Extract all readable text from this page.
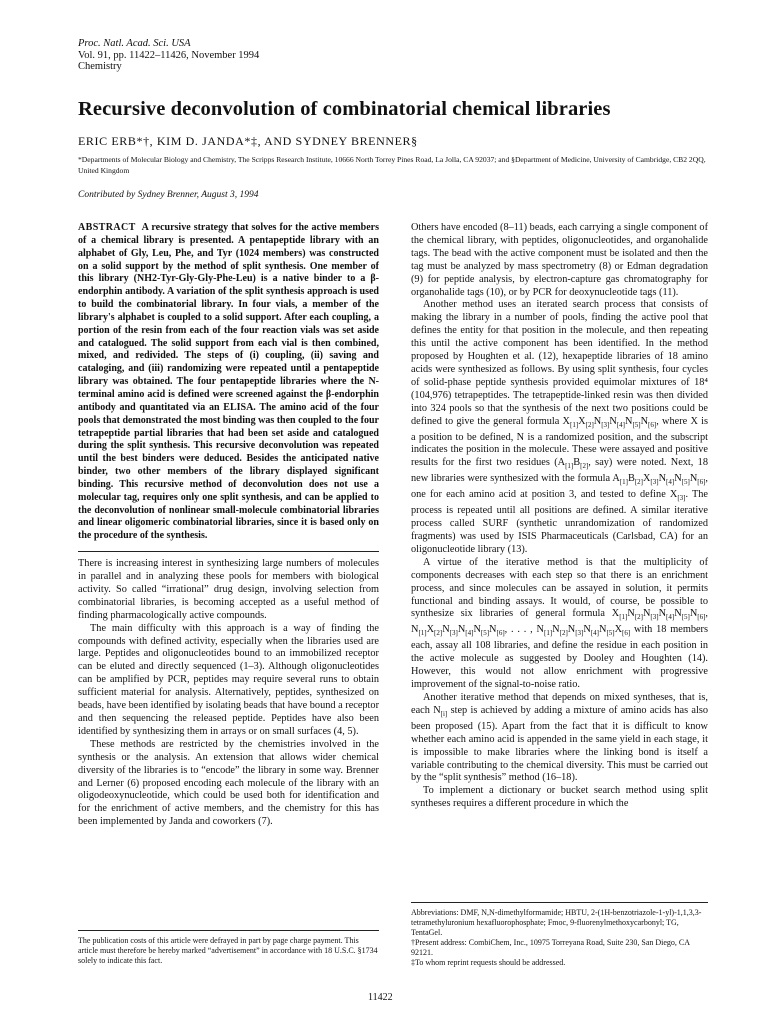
Proc. Natl. Acad. Sci. USA
Vol. 91, pp. 11422–11426, November 1994
Chemistry
Recursive deconvolution of combinatorial chemical libraries
ERIC ERB*†, KIM D. JANDA*‡, AND SYDNEY BRENNER§
*Departments of Molecular Biology and Chemistry, The Scripps Research Institute, 10666 North Torrey Pines Road, La Jolla, CA 92037; and §Department of Medicine, University of Cambridge, CB2 2QQ, United Kingdom
Contributed by Sydney Brenner, August 3, 1994
ABSTRACT A recursive strategy that solves for the active members of a chemical library is presented. A pentapeptide library with an alphabet of Gly, Leu, Phe, and Tyr (1024 members) was constructed on a solid support by the method of split synthesis. One member of this library (NH2-Tyr-Gly-Gly-Phe-Leu) is a native binder to a β-endorphin antibody. A variation of the split synthesis approach is used to build the combinatorial library. In four vials, a member of the library's alphabet is coupled to a solid support. After each coupling, a portion of the resin from each of the four reaction vials was set aside and catalogued. The solid support from each vial is then combined, mixed, and redivided. The steps of (i) coupling, (ii) saving and cataloging, and (iii) randomizing were repeated until a pentapeptide library was obtained. The four pentapeptide libraries where the N-terminal amino acid is defined were screened against the β-endorphin antibody and quantitated via an ELISA. The amino acid of the four pools that demonstrated the most binding was then coupled to the four tetrapeptide partial libraries that had been set aside and catalogued during the split synthesis. This recursive deconvolution was repeated until the best binders were deduced. Besides the anticipated native binder, two other members of the library displayed significant binding. This recursive method of deconvolution does not use a molecular tag, requires only one split synthesis, and can be applied to the deconvolution of nonlinear small-molecule combinatorial libraries and linear oligomeric combinatorial libraries, since it is based only on the procedure of the synthesis.

There is increasing interest in synthesizing large numbers of molecules in parallel and in analyzing these pools for members with biological activity. So called “irrational” drug design, involving selection from combinatorial libraries, is becoming accepted as a useful method of finding pharmacologically active compounds.

The main difficulty with this approach is a way of finding the compounds with defined activity, especially when the libraries used are large. Peptides and oligonucleotides bound to an immobilized receptor can be eluted and directly sequenced (1–3). Although oligonucleotides can be amplified by PCR, peptides may require several runs to obtain sufficient material for analysis. Alternatively, peptides, synthesized on beads, have been identified by isolating beads that have bound a receptor and then sequencing the released peptide. Peptides have also been identified by synthesizing them in arrays or on small surfaces (4, 5).

These methods are restricted by the chemistries involved in the synthesis or the analysis. An extension that allows wider chemical diversity of the libraries is to “encode” the library in some way. Brenner and Lerner (6) proposed encoding each molecule of the library with an oligodeoxynucleotide, which could be used both for identification and for the enrichment of active members, and the chemistry for this has been implemented by Janda and coworkers (7).

Others have encoded (8–11) beads, each carrying a single component of the chemical library, with peptides, oligonucleotides, and organohalide tags. The bead with the active component must be isolated and then the tag must be analyzed by mass spectrometry (8) or Edman degradation (9) for peptide analysis, by electron-capture gas chromatography for organohalide tags (10), or by PCR for deoxynucleotide tags (11).

Another method uses an iterated search process that consists of making the library in a number of pools, finding the active pool that defines the entity for that position in the molecule, and then repeating this until the active component has been identified. In the method proposed by Houghten et al. (12), hexapeptide libraries of 18 amino acids were synthesized as follows. By using split synthesis, four cycles of solid-phase peptide synthesis provided equimolar mixtures of 18⁴ (104,976) tetrapeptides. The tetrapeptide-linked resin was then divided into 324 pools so that the synthesis of the next two positions could be defined to give the general formula $X_{[1]}X_{[2]}N_{[3]}N_{[4]}N_{[5]}N_{[6]}$, where X is a position to be defined, N is a randomized position, and the subscript indicates the position in the molecule. These were assayed and positive results for the first two residues ($A_{[1]}B_{[2]}$, say) were noted. Next, 18 new libraries were synthesized with the formula $A_{[1]}B_{[2]}X_{[3]}N_{[4]}N_{[5]}N_{[6]}$, one for each amino acid at position 3, and tested to define $X_{[3]}$. The process is repeated until all positions are defined. A similar iterative process called SURF (synthetic unrandomization of randomized fragments) was used by ISIS Pharmaceuticals (Carlsbad, CA) for an oligonucleotide library (13).

A virtue of the iterative method is that the multiplicity of components decreases with each step so that there is an enrichment process, and since molecules can be assayed in solution, it permits functional and binding assays. It would, of course, be possible to synthesize six libraries of general formula $X_{[1]}N_{[2]}N_{[3]}N_{[4]}N_{[5]}N_{[6]}$, $N_{[1]}X_{[2]}N_{[3]}N_{[4]}N_{[5]}N_{[6]}$, . . . , $N_{[1]}N_{[2]}N_{[3]}N_{[4]}N_{[5]}X_{[6]}$ with 18 members each, assay all 108 libraries, and define the residue in each position in the active molecule as suggested by Dooley and Houghten (14). However, this would not allow enrichment with progressive improvement of the signal-to-noise ratio.

Another iterative method that depends on mixed syntheses, that is, each $N_{[i]}$ step is achieved by adding a mixture of amino acids has also been proposed (15). Apart from the fact that it is difficult to know whether each amino acid is appended in the same yield in each stage, it is impossible to make libraries where the linking bond is itself a variable contributing to the chemical diversity. This must be carried out by the “split synthesis” method (16–18).

To implement a dictionary or bucket search method using split syntheses requires a different procedure in which the

The publication costs of this article were defrayed in part by page charge payment. This article must therefore be hereby marked “advertisement” in accordance with 18 U.S.C. §1734 solely to indicate this fact.
Abbreviations: DMF, N,N-dimethylformamide; HBTU, 2-(1H-benzotriazole-1-yl)-1,1,3,3-tetramethyluronium hexafluorophosphate; Fmoc, 9-fluorenylmethoxycarbonyl; TG, TentaGel.
†Present address: CombiChem, Inc., 10975 Torreyana Road, Suite 230, San Diego, CA 92121.
‡To whom reprint requests should be addressed.
11422
